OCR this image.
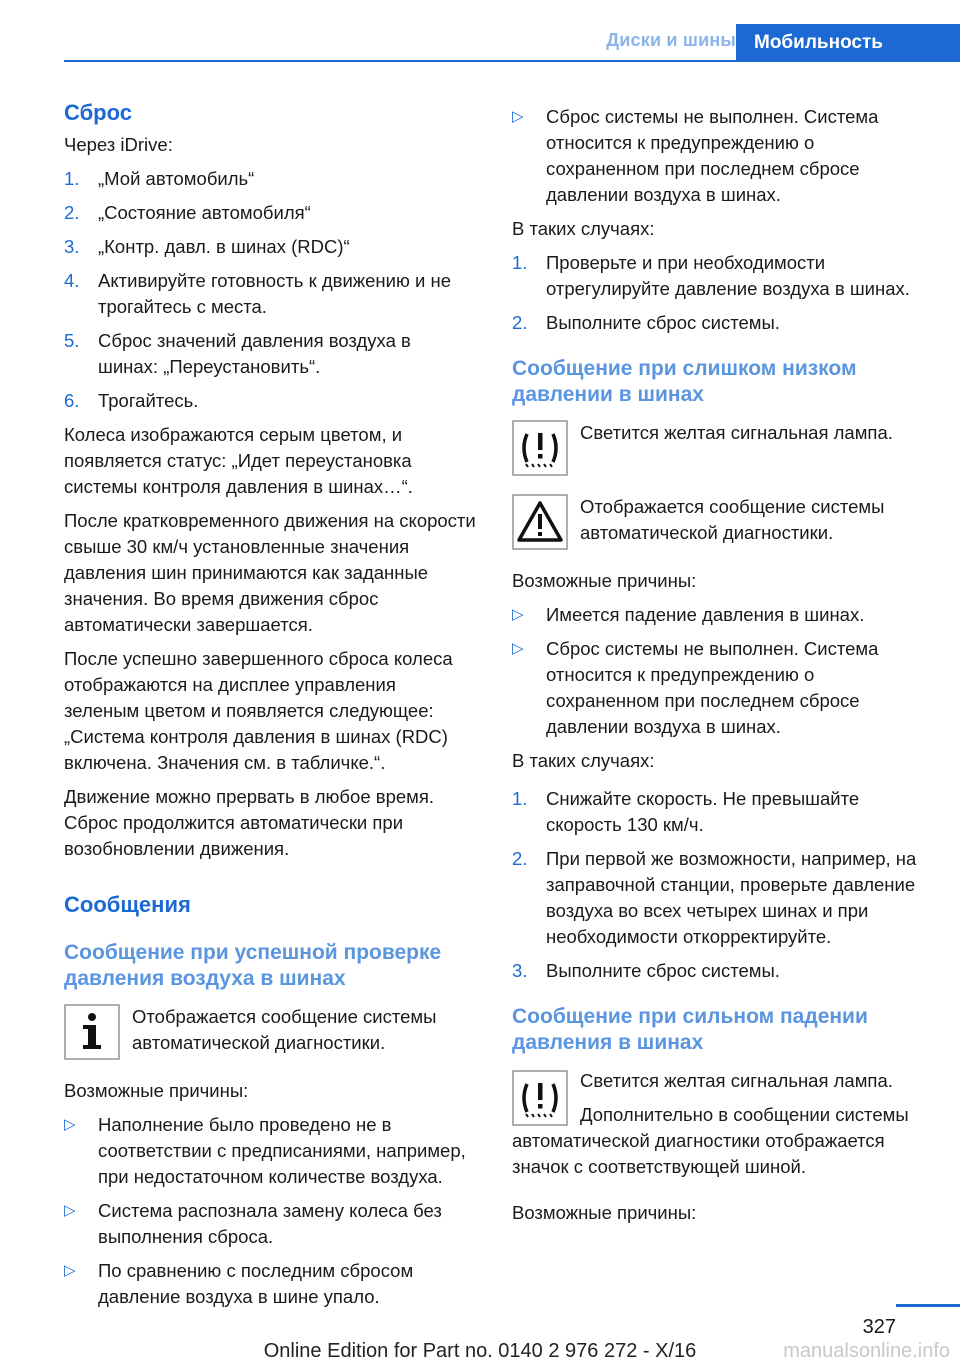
Диски и шины Мобильность
Сброс

Через iDrive:

1.	„Мой автомобиль“
2.	„Состояние автомобиля“
3.	„Контр. давл. в шинах (RDC)“
4.	Активируйте готовность к движению и не трогайтесь с места.
5.	Сброс значений давления воздуха в шинах: „Переустановить“.
6.	Трогайтесь.

Колеса изображаются серым цветом, и появляется статус: „Идет переустановка системы контроля давления в шинах…“.

После кратковременного движения на скорости свыше 30 км/ч установленные значения давления шин принимаются как заданные значения. Во время движения сброс автоматически завершается.

После успешно завершенного сброса колеса отображаются на дисплее управления зеленым цветом и появляется следующее: „Система контроля давления в шинах (RDC) включена. Значения см. в табличке.“.

Движение можно прервать в любое время. Сброс продолжится автоматически при возобновлении движения.

Сообщения
Сообщение при успешной проверке давления воздуха в шинах

Отображается сообщение системы автоматической диагностики.

Возможные причины:

▷	Наполнение было проведено не в соответствии с предписаниями, например, при недостаточном количестве воздуха.
▷	Система распознала замену колеса без выполнения сброса.
▷	По сравнению с последним сбросом давление воздуха в шине упало.
▷	Сброс системы не выполнен. Система относится к предупреждению о сохраненном при последнем сбросе давлении воздуха в шинах.

В таких случаях:

1.	Проверьте и при необходимости отрегулируйте давление воздуха в шинах.
2.	Выполните сброс системы.
Сообщение при слишком низком давлении в шинах

Светится желтая сигнальная лампа.

Отображается сообщение системы автоматической диагностики.

Возможные причины:

▷	Имеется падение давления в шинах.
▷	Сброс системы не выполнен. Система относится к предупреждению о сохраненном при последнем сбросе давлении воздуха в шинах.

В таких случаях:

1.	Снижайте скорость. Не превышайте скорость 130 км/ч.
2.	При первой же возможности, например, на заправочной станции, проверьте давление воздуха во всех четырех шинах и при необходимости откорректируйте.
3.	Выполните сброс системы.
Сообщение при сильном падении давления в шинах

Светится желтая сигнальная лампа.

Дополнительно в сообщении системы автоматической диагностики отображается значок с соответствующей шиной.

Возможные причины:

327
manualsonline.info
Online Edition for Part no. 0140 2 976 272 - X/16
